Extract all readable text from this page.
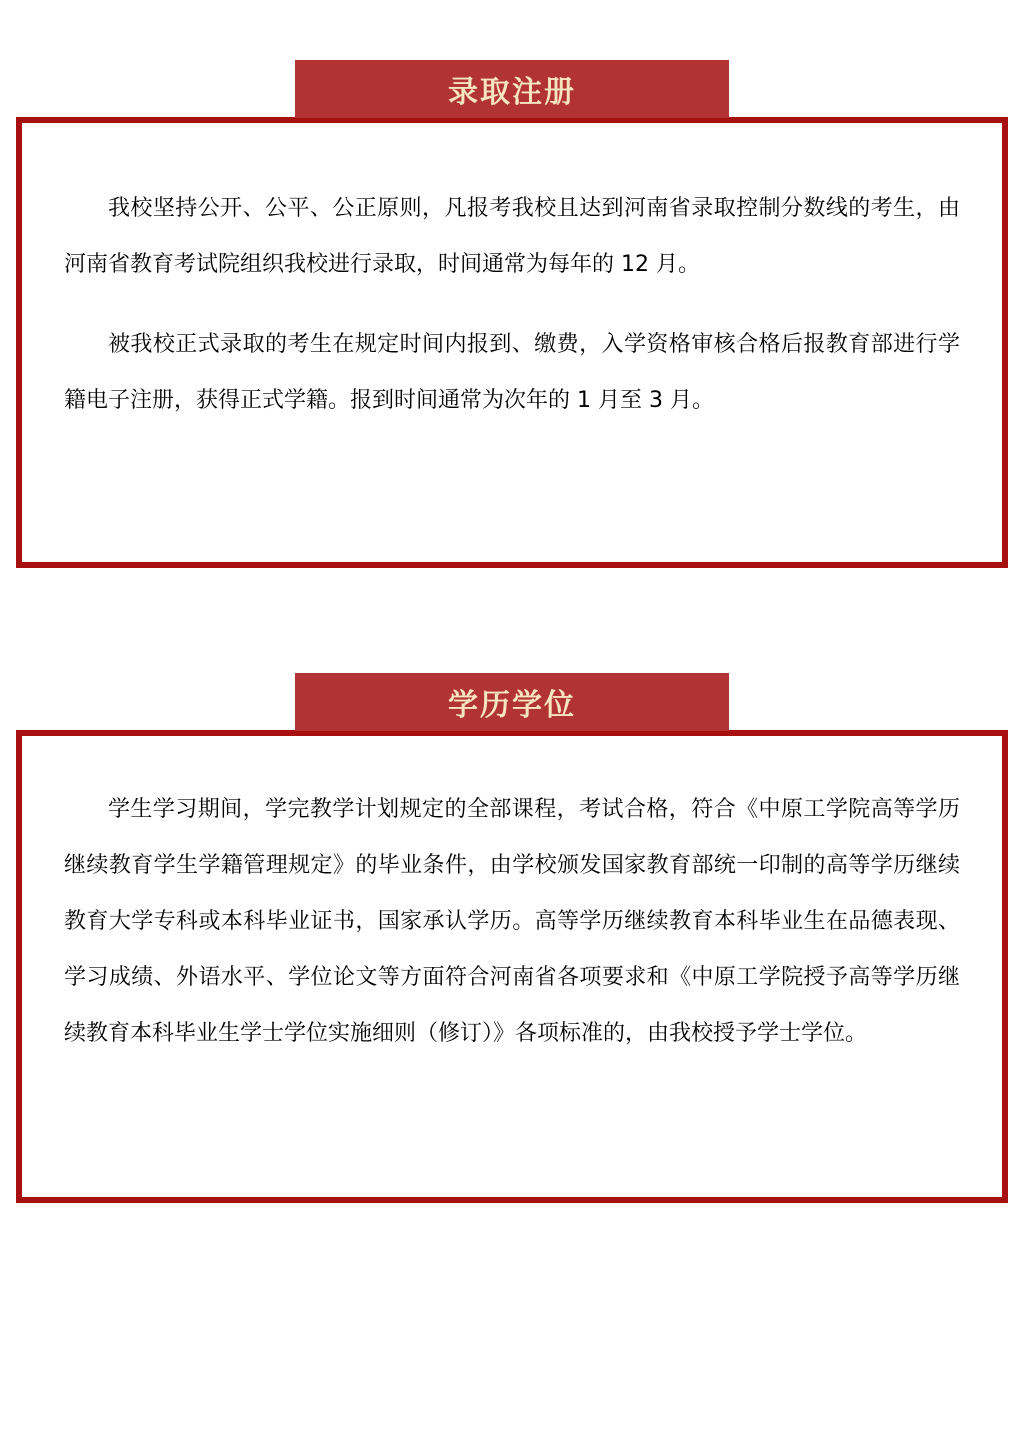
录取注册

我校坚持公开、公平、公正原则，凡报考我校且达到河南省录取控制分数线的考生，由河南省教育考试院组织我校进行录取，时间通常为每年的 12 月。

被我校正式录取的考生在规定时间内报到、缴费，入学资格审核合格后报教育部进行学籍电子注册，获得正式学籍。报到时间通常为次年的 1 月至 3 月。

学历学位

学生学习期间，学完教学计划规定的全部课程，考试合格，符合《中原工学院高等学历继续教育学生学籍管理规定》的毕业条件，由学校颁发国家教育部统一印制的高等学历继续教育大学专科或本科毕业证书，国家承认学历。高等学历继续教育本科毕业生在品德表现、学习成绩、外语水平、学位论文等方面符合河南省各项要求和《中原工学院授予高等学历继续教育本科毕业生学士学位实施细则（修订）》各项标准的，由我校授予学士学位。
